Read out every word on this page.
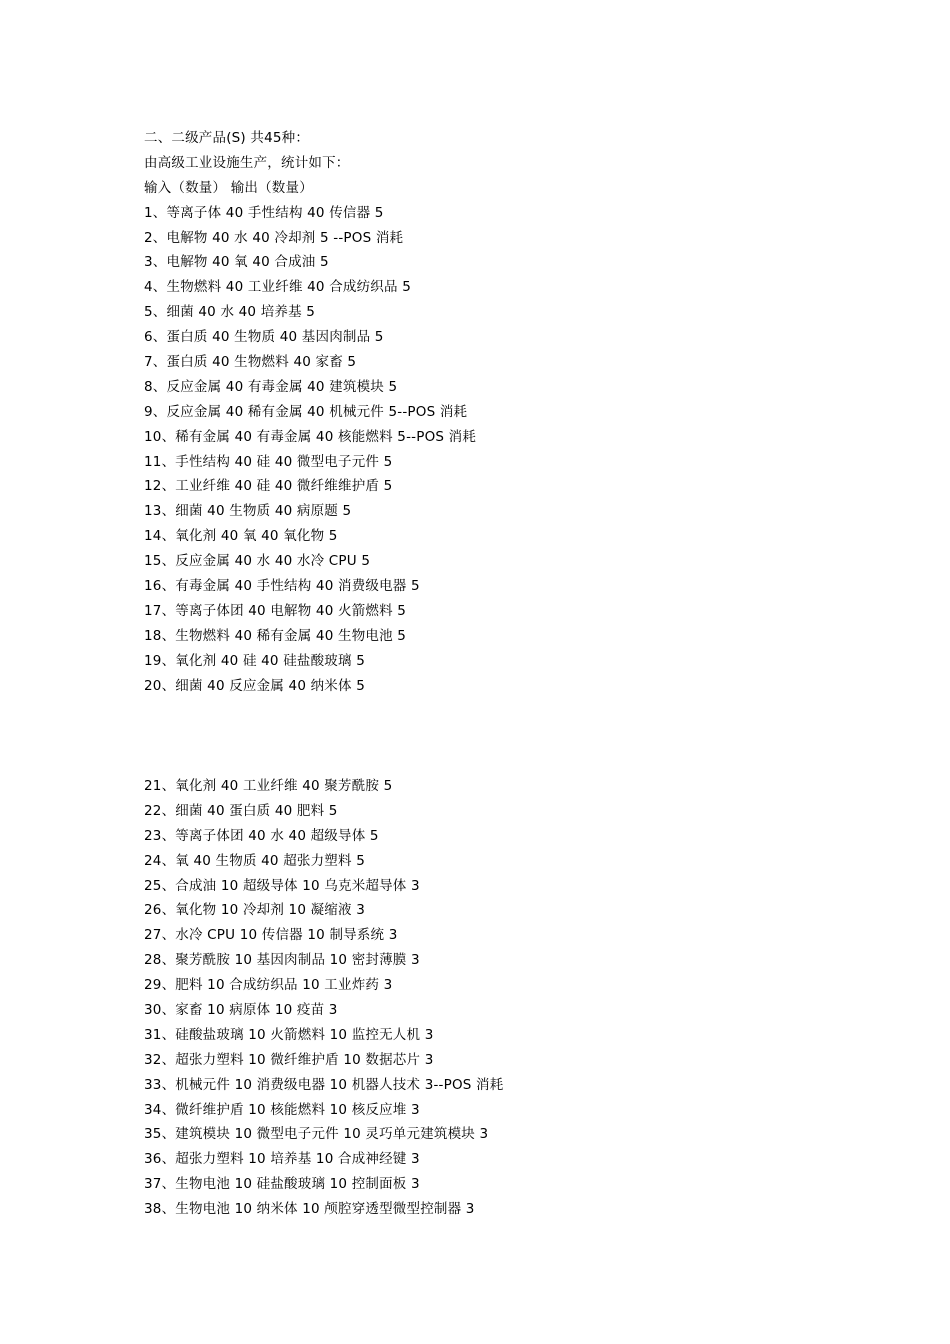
二、二级产品(S) 共45种：
由高级工业设施生产，统计如下：
输入（数量） 输出（数量）
1、等离子体 40 手性结构 40 传信器 5
2、电解物 40 水 40 冷却剂 5 --POS 消耗
3、电解物 40 氧 40 合成油 5
4、生物燃料 40 工业纤维 40 合成纺织品 5
5、细菌 40 水 40 培养基 5
6、蛋白质 40 生物质 40 基因肉制品 5
7、蛋白质 40 生物燃料 40 家畜 5
8、反应金属 40 有毒金属 40 建筑模块 5
9、反应金属 40 稀有金属 40 机械元件 5--POS 消耗
10、稀有金属 40 有毒金属 40 核能燃料 5--POS 消耗
11、手性结构 40 硅 40 微型电子元件 5
12、工业纤维 40 硅 40 微纤维维护盾 5
13、细菌 40 生物质 40 病原题 5
14、氧化剂 40 氧 40 氧化物 5
15、反应金属 40 水 40 水冷 CPU 5
16、有毒金属 40 手性结构 40 消费级电器 5
17、等离子体团 40 电解物 40 火箭燃料 5
18、生物燃料 40 稀有金属 40 生物电池 5
19、氧化剂 40 硅 40 硅盐酸玻璃 5
20、细菌 40 反应金属 40 纳米体 5
21、氧化剂 40 工业纤维 40 聚芳酰胺 5
22、细菌 40 蛋白质 40 肥料 5
23、等离子体团 40 水 40 超级导体 5
24、氧 40 生物质 40 超张力塑料 5
25、合成油 10 超级导体 10 乌克米超导体 3
26、氧化物 10 冷却剂 10 凝缩液 3
27、水冷 CPU 10 传信器 10 制导系统 3
28、聚芳酰胺 10 基因肉制品 10 密封薄膜 3
29、肥料 10 合成纺织品 10 工业炸药 3
30、家畜 10 病原体 10 疫苗 3
31、硅酸盐玻璃 10 火箭燃料 10 监控无人机 3
32、超张力塑料 10 微纤维护盾 10 数据芯片 3
33、机械元件 10 消费级电器 10 机器人技术 3--POS 消耗
34、微纤维护盾 10 核能燃料 10 核反应堆 3
35、建筑模块 10 微型电子元件 10 灵巧单元建筑模块 3
36、超张力塑料 10 培养基 10 合成神经键 3
37、生物电池 10 硅盐酸玻璃 10 控制面板 3
38、生物电池 10 纳米体 10 颅腔穿透型微型控制器 3
